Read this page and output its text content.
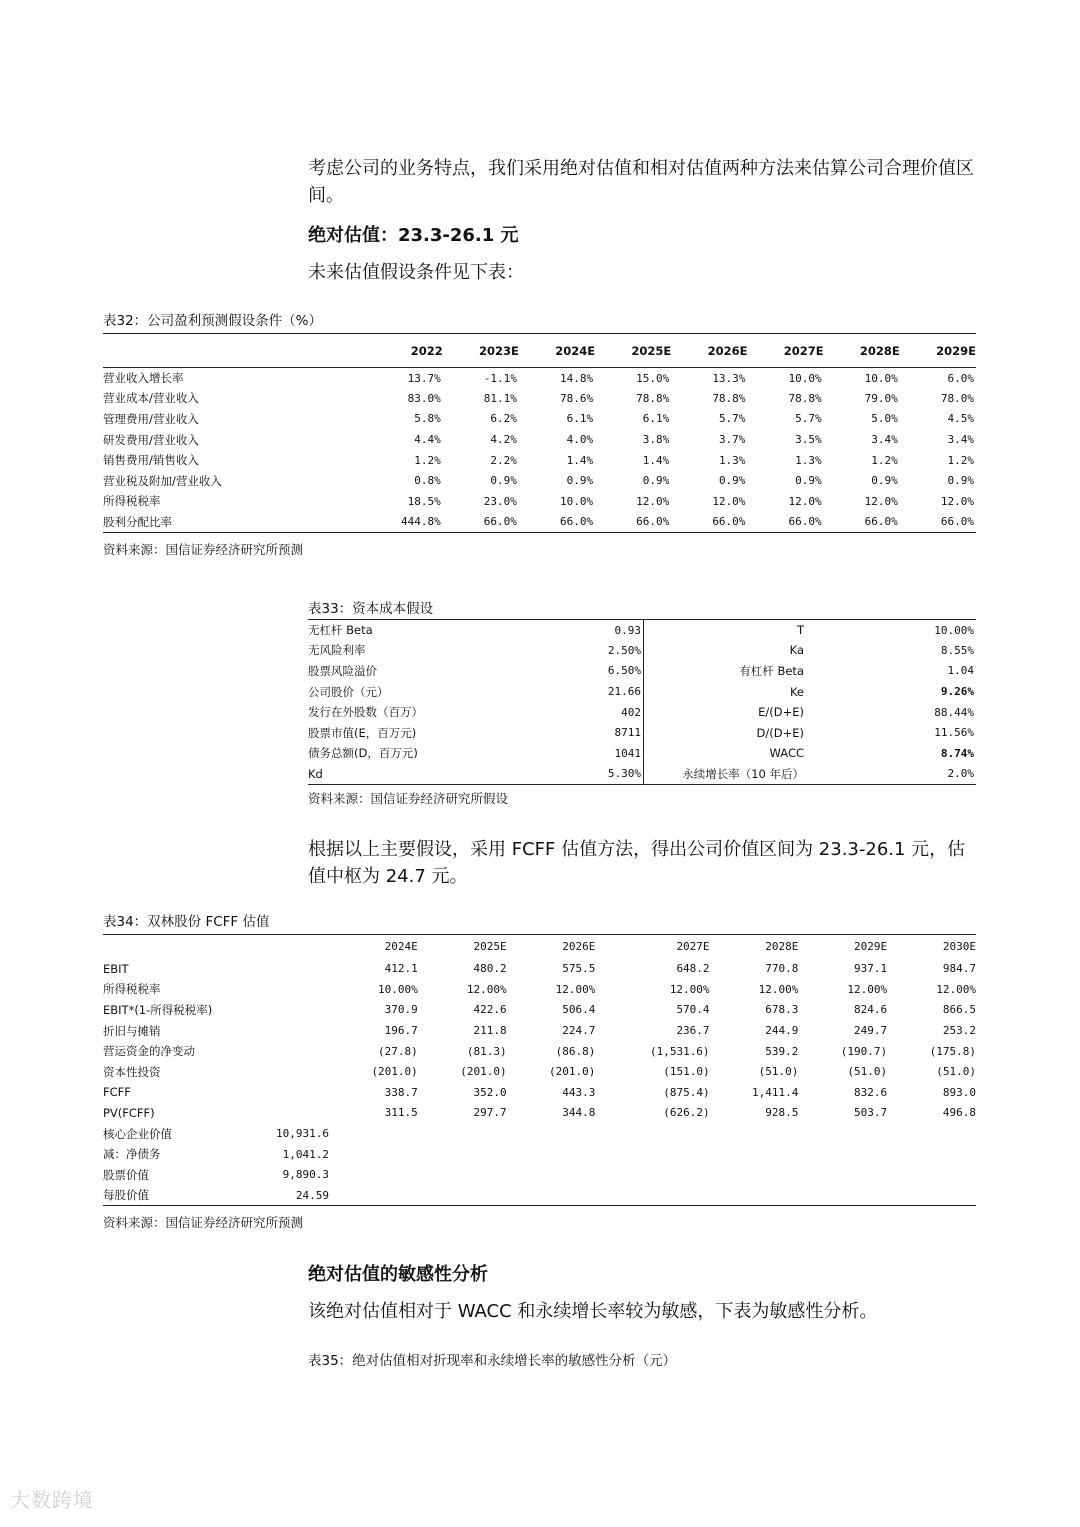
考虑公司的业务特点，我们采用绝对估值和相对估值两种方法来估算公司合理价值区间。
绝对估值：23.3-26.1 元
未来估值假设条件见下表：
表32：公司盈利预测假设条件（%）
	2022	2023E	2024E	2025E	2026E	2027E	2028E	2029E
营业收入增长率	13.7%	-1.1%	14.8%	15.0%	13.3%	10.0%	10.0%	6.0%
营业成本/营业收入	83.0%	81.1%	78.6%	78.8%	78.8%	78.8%	79.0%	78.0%
管理费用/营业收入	5.8%	6.2%	6.1%	6.1%	5.7%	5.7%	5.0%	4.5%
研发费用/营业收入	4.4%	4.2%	4.0%	3.8%	3.7%	3.5%	3.4%	3.4%
销售费用/销售收入	1.2%	2.2%	1.4%	1.4%	1.3%	1.3%	1.2%	1.2%
营业税及附加/营业收入	0.8%	0.9%	0.9%	0.9%	0.9%	0.9%	0.9%	0.9%
所得税税率	18.5%	23.0%	10.0%	12.0%	12.0%	12.0%	12.0%	12.0%
股利分配比率	444.8%	66.0%	66.0%	66.0%	66.0%	66.0%	66.0%	66.0%
资料来源：国信证券经济研究所预测
表33：资本成本假设
无杠杆 Beta	0.93	T	10.00%
无风险利率	2.50%	Ka	8.55%
股票风险溢价	6.50%	有杠杆 Beta	1.04
公司股价（元）	21.66	Ke	9.26%
发行在外股数（百万）	402	E/(D+E)	88.44%
股票市值(E，百万元)	8711	D/(D+E)	11.56%
债务总额(D，百万元)	1041	WACC	8.74%
Kd	5.30%	永续增长率（10 年后）	2.0%
资料来源：国信证券经济研究所假设
根据以上主要假设，采用 FCFF 估值方法，得出公司价值区间为 23.3-26.1 元，估值中枢为 24.7 元。
表34：双林股份 FCFF 估值
		2024E	2025E	2026E	2027E	2028E	2029E	2030E
EBIT		412.1	480.2	575.5	648.2	770.8	937.1	984.7
所得税税率		10.00%	12.00%	12.00%	12.00%	12.00%	12.00%	12.00%
EBIT*(1-所得税税率)		370.9	422.6	506.4	570.4	678.3	824.6	866.5
折旧与摊销		196.7	211.8	224.7	236.7	244.9	249.7	253.2
营运资金的净变动		(27.8)	(81.3)	(86.8)	(1,531.6)	539.2	(190.7)	(175.8)
资本性投资		(201.0)	(201.0)	(201.0)	(151.0)	(51.0)	(51.0)	(51.0)
FCFF		338.7	352.0	443.3	(875.4)	1,411.4	832.6	893.0
PV(FCFF)		311.5	297.7	344.8	(626.2)	928.5	503.7	496.8
核心企业价值	10,931.6							
减：净债务	1,041.2							
股票价值	9,890.3							
每股价值	24.59							
资料来源：国信证券经济研究所预测
绝对估值的敏感性分析
该绝对估值相对于 WACC 和永续增长率较为敏感，下表为敏感性分析。
表35：绝对估值相对折现率和永续增长率的敏感性分析（元）
大数跨境
